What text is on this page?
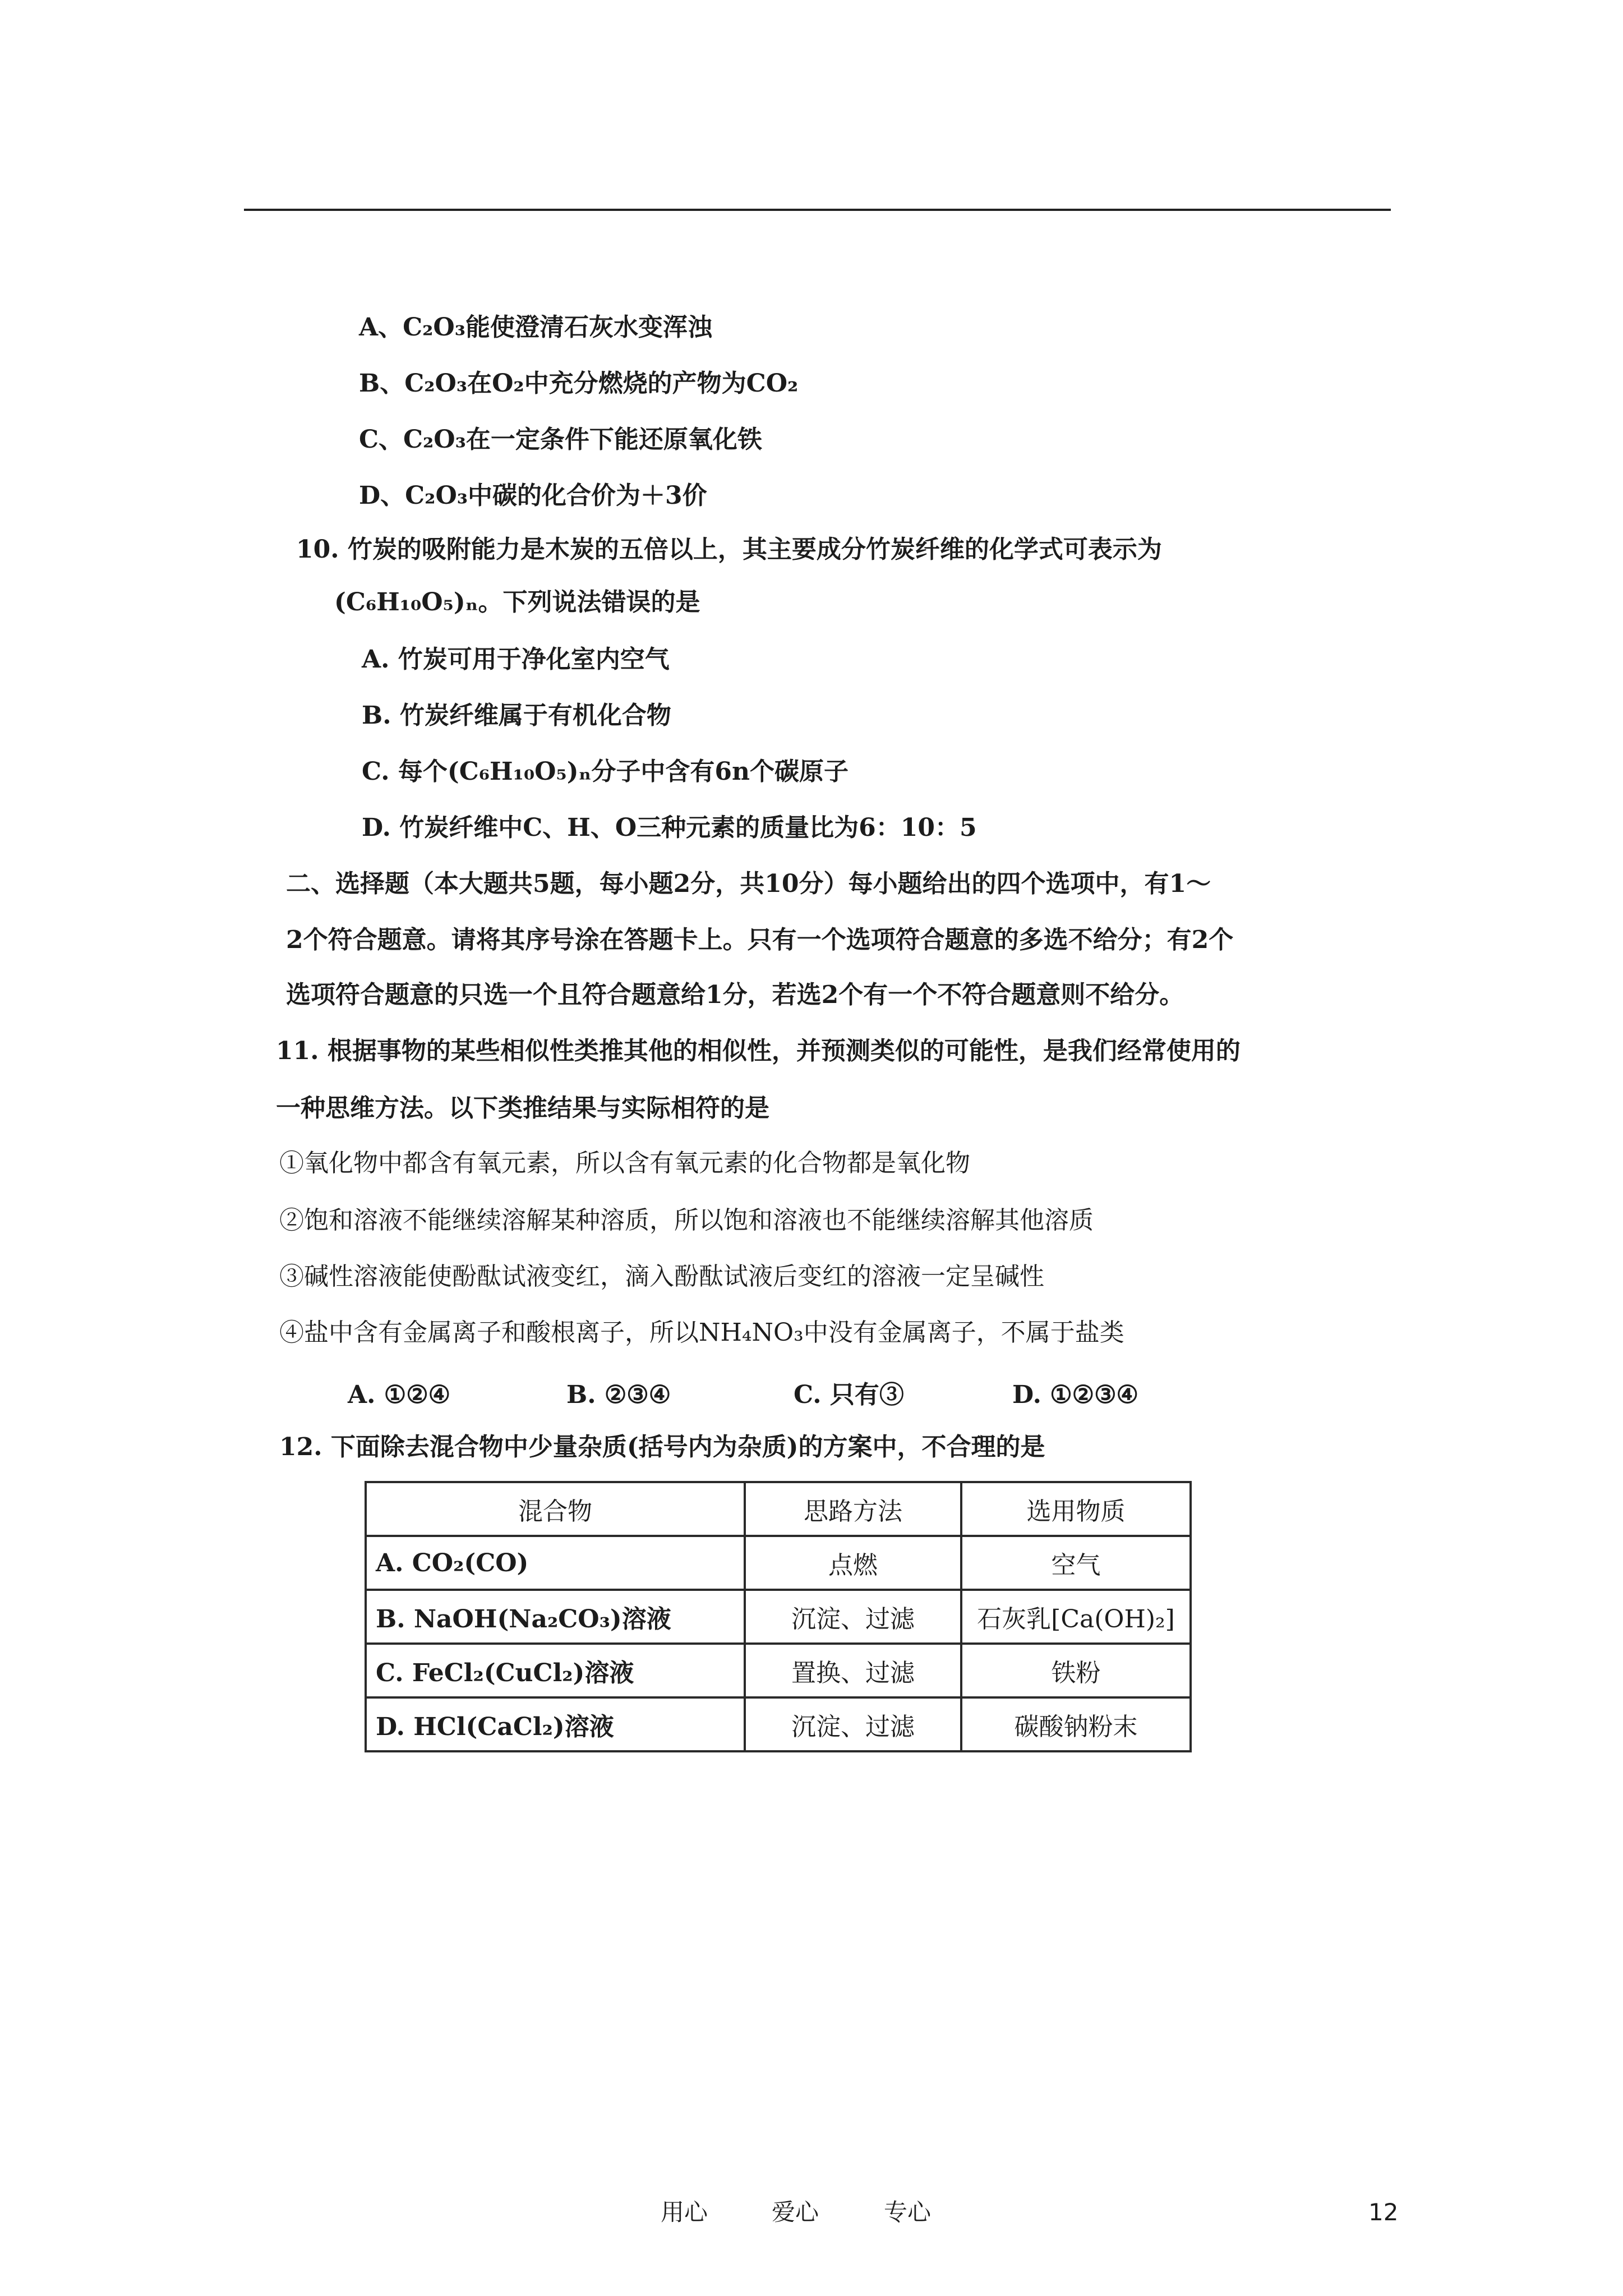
A、C₂O₃能使澄清石灰水变浑浊
B、C₂O₃在O₂中充分燃烧的产物为CO₂
C、C₂O₃在一定条件下能还原氧化铁
D、C₂O₃中碳的化合价为＋3价
10. 竹炭的吸附能力是木炭的五倍以上，其主要成分竹炭纤维的化学式可表示为
(C₆H₁₀O₅)ₙ。下列说法错误的是
A. 竹炭可用于净化室内空气
B. 竹炭纤维属于有机化合物
C. 每个(C₆H₁₀O₅)ₙ分子中含有6n个碳原子
D. 竹炭纤维中C、H、O三种元素的质量比为6：10：5
二、选择题（本大题共5题，每小题2分，共10分）每小题给出的四个选项中，有1～
2个符合题意。请将其序号涂在答题卡上。只有一个选项符合题意的多选不给分；有2个
选项符合题意的只选一个且符合题意给1分，若选2个有一个不符合题意则不给分。
11. 根据事物的某些相似性类推其他的相似性，并预测类似的可能性，是我们经常使用的
一种思维方法。以下类推结果与实际相符的是
①氧化物中都含有氧元素，所以含有氧元素的化合物都是氧化物
②饱和溶液不能继续溶解某种溶质，所以饱和溶液也不能继续溶解其他溶质
③碱性溶液能使酚酞试液变红，滴入酚酞试液后变红的溶液一定呈碱性
④盐中含有金属离子和酸根离子，所以NH₄NO₃中没有金属离子，不属于盐类
A. ①②④	B. ②③④	C. 只有③	D. ①②③④
12. 下面除去混合物中少量杂质(括号内为杂质)的方案中，不合理的是
混合物	思路方法	选用物质
A. CO₂(CO)	点燃	空气
B. NaOH(Na₂CO₃)溶液	沉淀、过滤	石灰乳[Ca(OH)₂]
C. FeCl₂(CuCl₂)溶液	置换、过滤	铁粉
D. HCl(CaCl₂)溶液	沉淀、过滤	碳酸钠粉末
用心	爱心	专心	12
